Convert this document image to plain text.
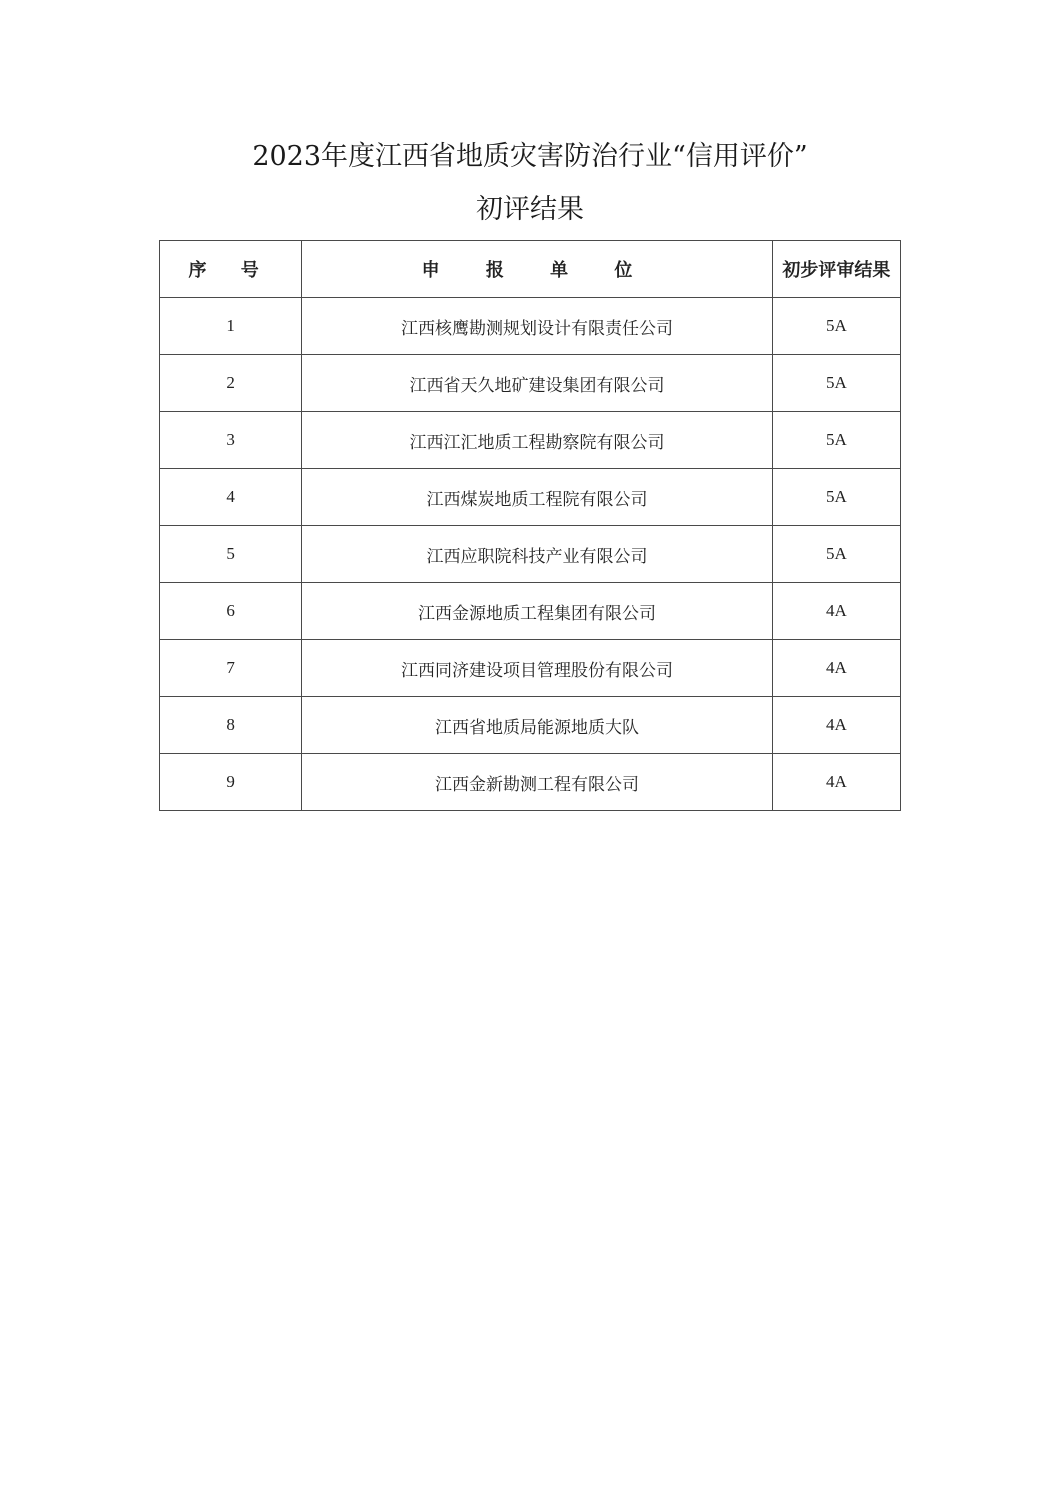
2023年度江西省地质灾害防治行业“信用评价”
初评结果
序 号	申 报 单 位	初步评审结果
1	江西核鹰勘测规划设计有限责任公司	5A
2	江西省天久地矿建设集团有限公司	5A
3	江西江汇地质工程勘察院有限公司	5A
4	江西煤炭地质工程院有限公司	5A
5	江西应职院科技产业有限公司	5A
6	江西金源地质工程集团有限公司	4A
7	江西同济建设项目管理股份有限公司	4A
8	江西省地质局能源地质大队	4A
9	江西金新勘测工程有限公司	4A
